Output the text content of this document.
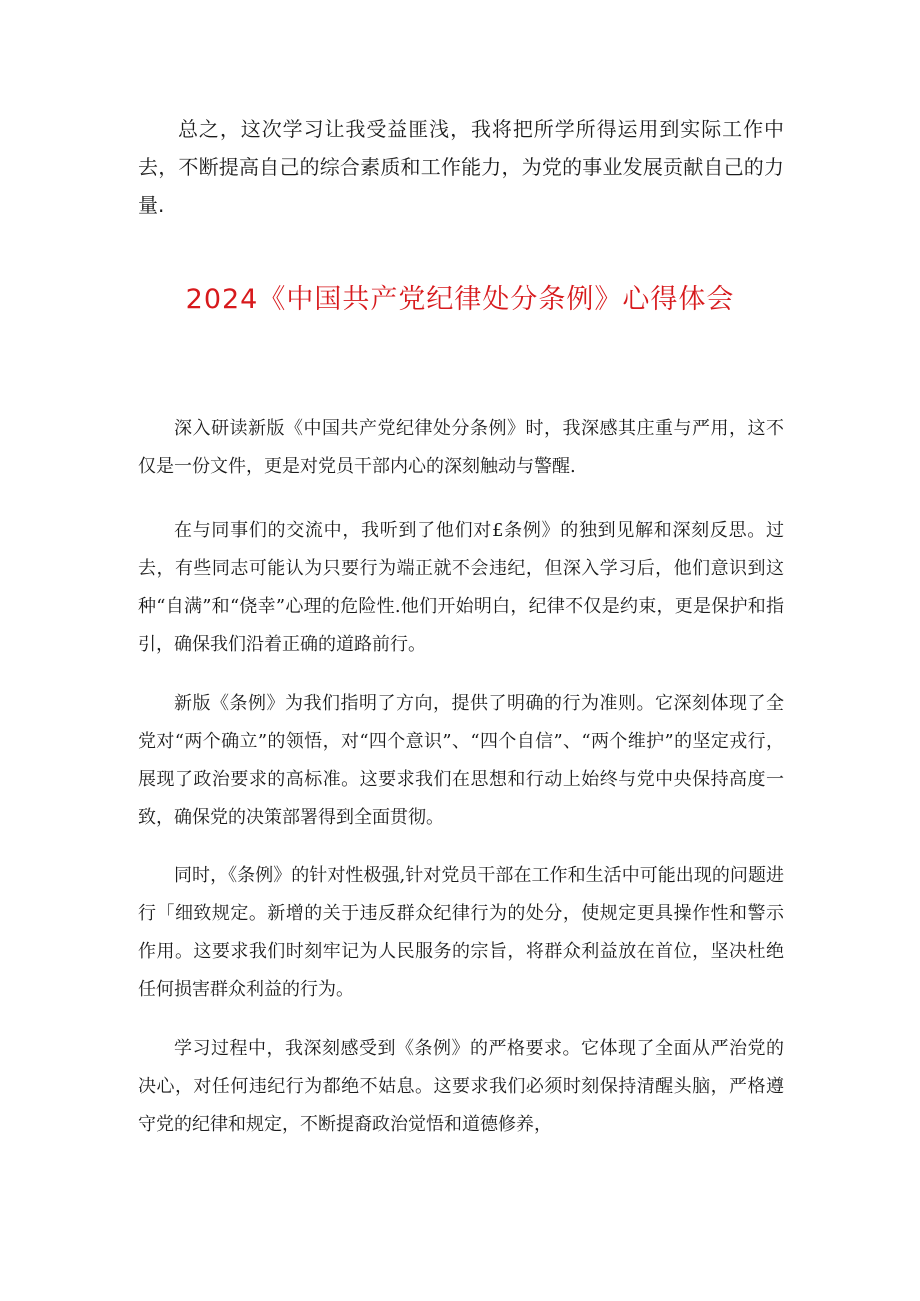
总之，这次学习让我受益匪浅，我将把所学所得运用到实际工作中去，不断提高自己的综合素质和工作能力，为党的事业发展贡献自己的力量.

2024《中国共产党纪律处分条例》心得体会

深入研读新版《中国共产党纪律处分条例》时，我深感其庄重与严用，这不仅是一份文件，更是对党员干部内心的深刻触动与警醒.

在与同事们的交流中，我听到了他们对£条例》的独到见解和深刻反思。过去，有些同志可能认为只要行为端正就不会违纪，但深入学习后，他们意识到这种“自满”和“侥幸”心理的危险性.他们开始明白，纪律不仅是约束，更是保护和指引，确保我们沿着正确的道路前行。

新版《条例》为我们指明了方向，提供了明确的行为准则。它深刻体现了全党对“两个确立”的领悟，对“四个意识”、“四个自信”、“两个维护”的坚定戎行，展现了政治要求的高标准。这要求我们在思想和行动上始终与党中央保持高度一致，确保党的决策部署得到全面贯彻。

同时，《条例》的针对性极强,针对党员干部在工作和生活中可能出现的问题进行「细致规定。新增的关于违反群众纪律行为的处分，使规定更具操作性和警示作用。这要求我们时刻牢记为人民服务的宗旨，将群众利益放在首位，坚决杜绝任何损害群众利益的行为。

学习过程中，我深刻感受到《条例》的严格要求。它体现了全面从严治党的决心，对任何违纪行为都绝不姑息。这要求我们必须时刻保持清醒头脑，严格遵守党的纪律和规定，不断提裔政治觉悟和道德修养，
